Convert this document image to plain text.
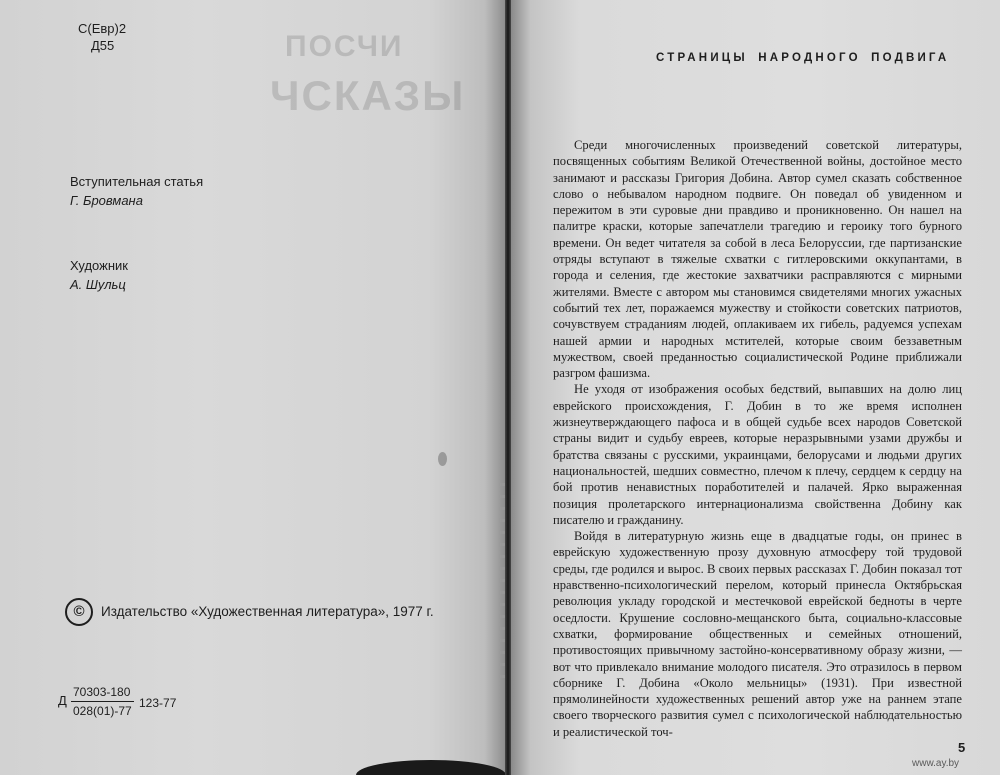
ПОСЧИ
ЧСКАЗЫ
С(Евр)2
Д55
Вступительная статья
Г. Бровмана
Художник
А. Шульц
©	Издательство «Художественная литература», 1977 г.
Д $\frac{70303-180}{028(01)-77} 123-77$
СТРАНИЦЫ НАРОДНОГО ПОДВИГА

Среди многочисленных произведений советской литературы, посвященных событиям Великой Отечественной войны, достойное место занимают и рассказы Григория Добина. Автор сумел сказать собственное слово о небывалом народном подвиге. Он поведал об увиденном и пережитом в эти суровые дни правдиво и проникновенно. Он нашел на палитре краски, которые запечатлели трагедию и героику того бурного времени. Он ведет читателя за собой в леса Белоруссии, где партизанские отряды вступают в тяжелые схватки с гитлеровскими оккупантами, в города и селения, где жестокие захватчики расправляются с мирными жителями. Вместе с автором мы становимся свидетелями многих ужасных событий тех лет, поражаемся мужеству и стойкости советских патриотов, сочувствуем страданиям людей, оплакиваем их гибель, радуемся успехам нашей армии и народных мстителей, которые своим беззаветным мужеством, своей преданностью социалистической Родине приближали разгром фашизма.

Не уходя от изображения особых бедствий, выпавших на долю лиц еврейского происхождения, Г. Добин в то же время исполнен жизнеутверждающего пафоса и в общей судьбе всех народов Советской страны видит и судьбу евреев, которые неразрывными узами дружбы и братства связаны с русскими, украинцами, белорусами и людьми других национальностей, шедших совместно, плечом к плечу, сердцем к сердцу на бой против ненавистных поработителей и палачей. Ярко выраженная позиция пролетарского интернационализма свойственна Добину как писателю и гражданину.

Войдя в литературную жизнь еще в двадцатые годы, он принес в еврейскую художественную прозу духовную атмосферу той трудовой среды, где родился и вырос. В своих первых рассказах Г. Добин показал тот нравственно-психологический перелом, который принесла Октябрьская революция укладу городской и местечковой еврейской бедноты в черте оседлости. Крушение сословно-мещанского быта, социально-классовые схватки, формирование общественных и семейных отношений, противостоящих привычному застойно-консервативному образу жизни, — вот что привлекало внимание молодого писателя. Это отразилось в первом сборнике Г. Добина «Около мельницы» (1931). При известной прямолинейности художественных решений автор уже на раннем этапе своего творческого развития сумел с психологической наблюдательностью и реалистической точ-

5
www.ay.by
